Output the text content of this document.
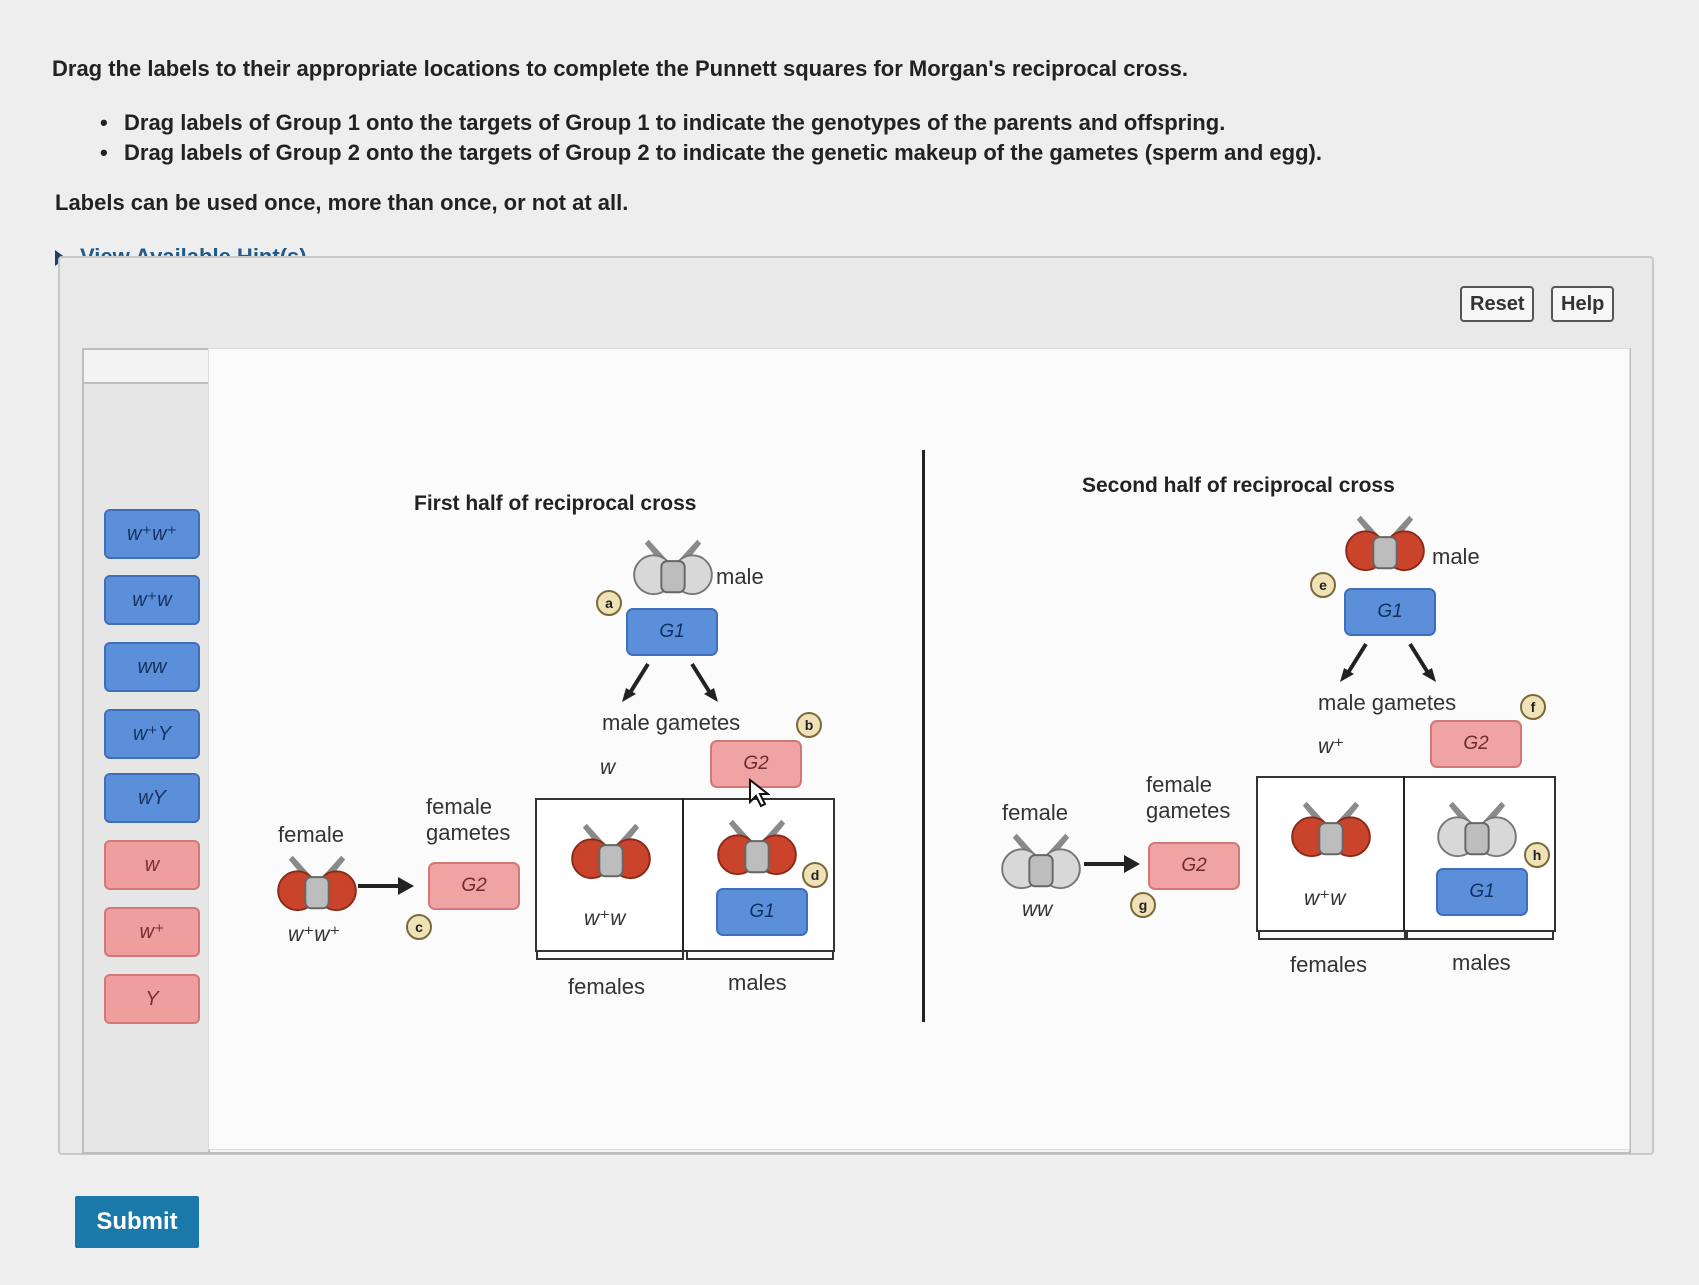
Drag the labels to their appropriate locations to complete the Punnett squares for Morgan's reciprocal cross.
• Drag labels of Group 1 onto the targets of Group 1 to indicate the genotypes of the parents and offspring.
• Drag labels of Group 2 onto the targets of Group 2 to indicate the genetic makeup of the gametes (sperm and egg).
Labels can be used once, more than once, or not at all.
Reset	Help
w⁺w⁺
w⁺w
ww
w⁺Y
wY
w
w⁺
Y
First half of reciprocal cross
male
a
G1
male gametes	b
w	G2
w⁺w
d
G1
females	males
female
w⁺w⁺	c
female
gametes
G2
Second half of reciprocal cross
male
e
G1
male gametes	f
w⁺	G2
w⁺w
h
G1
females	males
female
ww	g
female
gametes
G2
Submit
